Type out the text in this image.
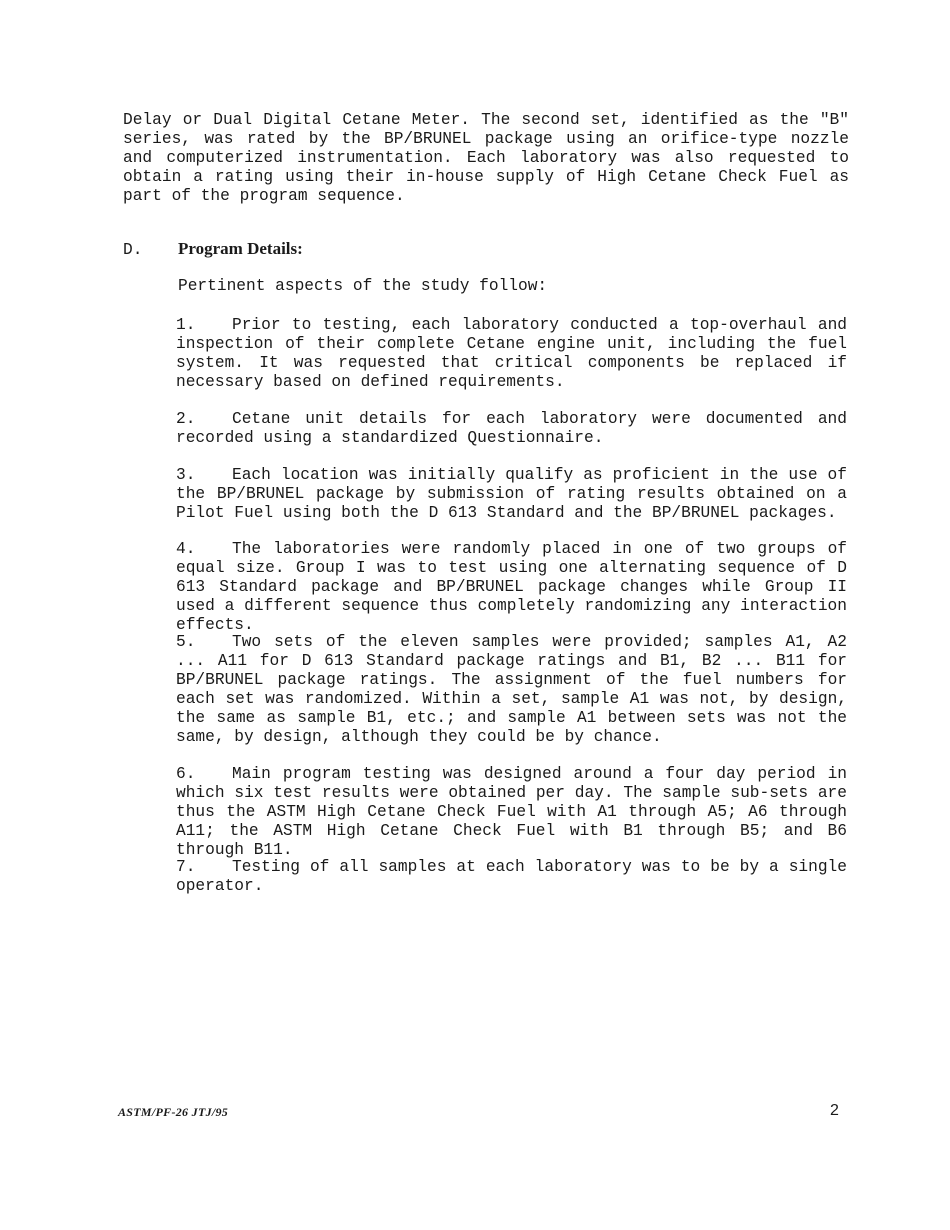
Delay or Dual Digital Cetane Meter. The second set, identified as the "B" series, was rated by the BP/BRUNEL package using an orifice-type nozzle and computerized instrumentation. Each laboratory was also requested to obtain a rating using their in-house supply of High Cetane Check Fuel as part of the program sequence.
D. Program Details:
Pertinent aspects of the study follow:
1. Prior to testing, each laboratory conducted a top-overhaul and inspection of their complete Cetane engine unit, including the fuel system. It was requested that critical components be replaced if necessary based on defined requirements.
2. Cetane unit details for each laboratory were documented and recorded using a standardized Questionnaire.
3. Each location was initially qualify as proficient in the use of the BP/BRUNEL package by submission of rating results obtained on a Pilot Fuel using both the D 613 Standard and the BP/BRUNEL packages.
4. The laboratories were randomly placed in one of two groups of equal size. Group I was to test using one alternating sequence of D 613 Standard package and BP/BRUNEL package changes while Group II used a different sequence thus completely randomizing any interaction effects.
5. Two sets of the eleven samples were provided; samples A1, A2 ... A11 for D 613 Standard package ratings and B1, B2 ... B11 for BP/BRUNEL package ratings. The assignment of the fuel numbers for each set was randomized. Within a set, sample A1 was not, by design, the same as sample B1, etc.; and sample A1 between sets was not the same, by design, although they could be by chance.
6. Main program testing was designed around a four day period in which six test results were obtained per day. The sample sub-sets are thus the ASTM High Cetane Check Fuel with A1 through A5; A6 through A11; the ASTM High Cetane Check Fuel with B1 through B5; and B6 through B11.
7. Testing of all samples at each laboratory was to be by a single operator.
ASTM/PF-26 JTJ/95	2
